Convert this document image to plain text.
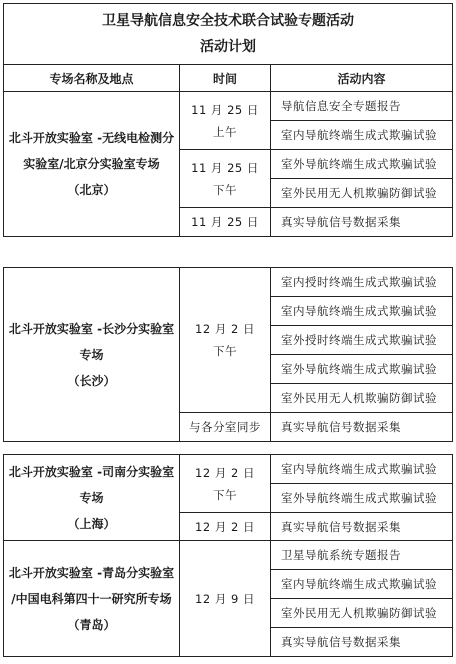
卫星导航信息安全技术联合试验专题活动
活动计划
专场名称及地点	时间	活动内容
北斗开放实验室 -无线电检测分
实验室/北京分实验室专场
（北京）
11 月 25 日
上午
11 月 25 日
下午
11 月 25 日
导航信息安全专题报告
室内导航终端生成式欺骗试验
室外导航终端生成式欺骗试验
室外民用无人机欺骗防御试验
真实导航信号数据采集
北斗开放实验室 -长沙分实验室
专场
（长沙）
12 月 2 日
下午
与各分室同步
室内授时终端生成式欺骗试验
室内导航终端生成式欺骗试验
室外授时终端生成式欺骗试验
室外导航终端生成式欺骗试验
室外民用无人机欺骗防御试验
真实导航信号数据采集
北斗开放实验室 -司南分实验室
专场
（上海）
12 月 2 日
下午
12 月 2 日
室内导航终端生成式欺骗试验
室外导航终端生成式欺骗试验
真实导航信号数据采集
北斗开放实验室 -青岛分实验室
/中国电科第四十一研究所专场
（青岛）
12 月 9 日
卫星导航系统专题报告
室内导航终端生成式欺骗试验
室外民用无人机欺骗防御试验
真实导航信号数据采集
